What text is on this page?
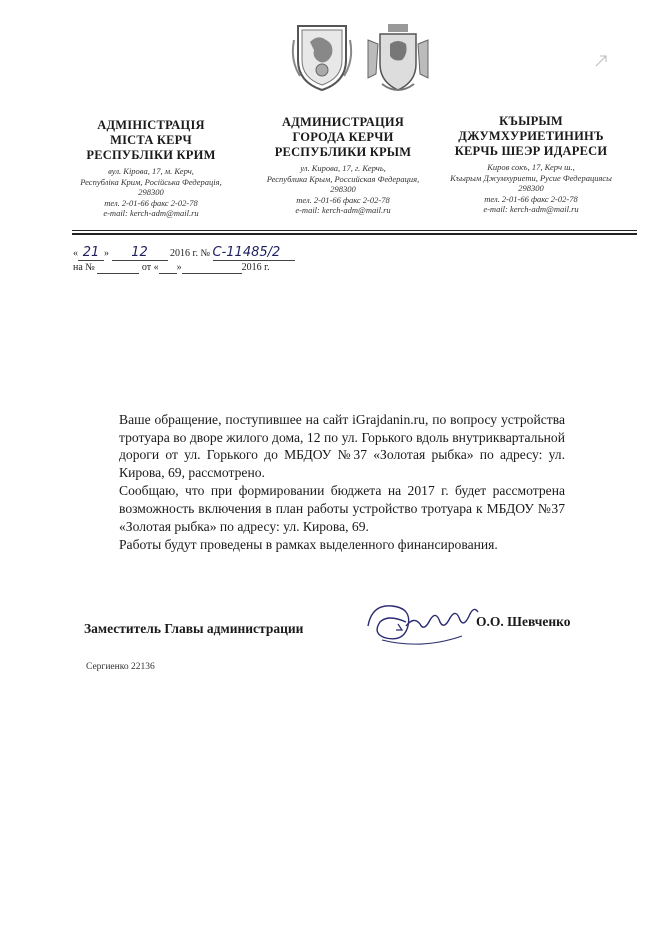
АДМІНІСТРАЦІЯ
МІСТА КЕРЧ
РЕСПУБЛІКИ КРИМ
вул. Кірова, 17, м. Керч,
Республіка Крим, Російська Федерація,
298300
тел. 2-01-66 факс 2-02-78
e-mail: kerch-adm@mail.ru
АДМИНИСТРАЦИЯ
ГОРОДА КЕРЧИ
РЕСПУБЛИКИ КРЫМ
ул. Кирова, 17, г. Керчь,
Республика Крым, Российская Федерация,
298300
тел. 2-01-66 факс 2-02-78
e-mail: kerch-adm@mail.ru
КЪЫРЫМ
ДЖУМХУРИЕТИНИНЪ
КЕРЧЬ ШЕЭР ИДАРЕСИ
Киров сокъ, 17, Керч ш.,
Къырым Джумхуриети, Русие Федерациясы
298300
тел. 2-01-66 факс 2-02-78
e-mail: kerch-adm@mail.ru
« 21 » 12 2016 г. № С-11485/2
на №	от « »	2016 г.

Ваше обращение, поступившее на сайт iGrajdanin.ru, по вопросу устройства тротуара во дворе жилого дома, 12 по ул. Горького вдоль внутриквартальной дороги от ул. Горького до МБДОУ №37 «Золотая рыбка» по адресу: ул. Кирова, 69, рассмотрено.

Сообщаю, что при формировании бюджета на 2017 г. будет рассмотрена возможность включения в план работы устройство тротуара к МБДОУ №37 «Золотая рыбка» по адресу: ул. Кирова, 69.

Работы будут проведены в рамках выделенного финансирования.

Заместитель Главы администрации	О.О. Шевченко
Сергиенко 22136
